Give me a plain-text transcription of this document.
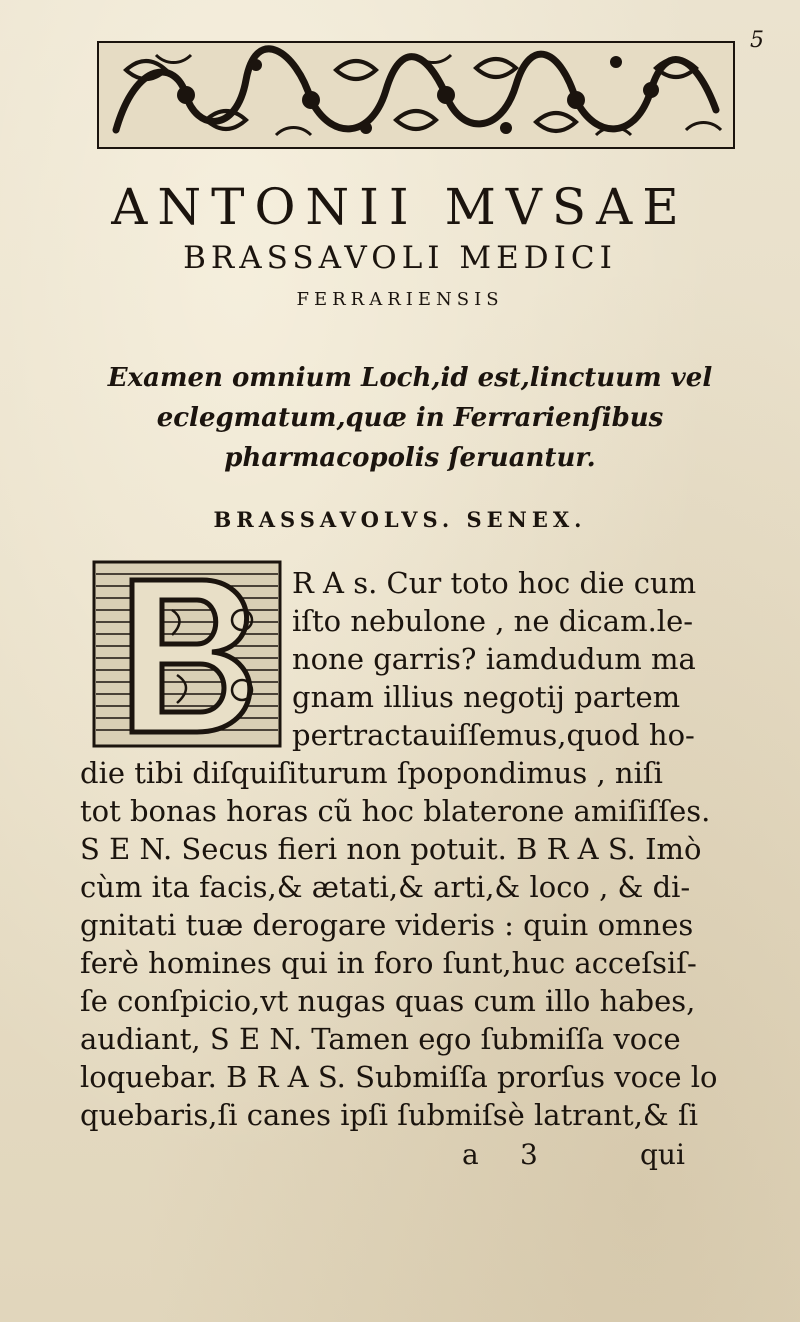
5
ANTONII MVSAE
BRASSAVOLI MEDICI
FERRARIENSIS
Examen omnium Loch,id est,linctuum vel
eclegmatum,quæ in Ferrarienſibus
pharmacopolis ſeruantur.
BRASSAVOLVS. SENEX.
R A s. Cur toto hoc die cum
iſto nebulone , ne dicam.le-
none garris? iamdudum ma
gnam illius negotij partem
pertractauiſſemus,quod ho-
die tibi diſquiſiturum ſpopondimus , niſi
tot bonas horas cũ hoc blaterone amiſiſſes.
S E N. Secus fieri non potuit. B R A S. Imò
cùm ita facis,& ætati,& arti,& loco , & di-
gnitati tuæ derogare videris : quin omnes
ferè homines qui in foro ſunt,huc acceſsiſ-
ſe conſpicio,vt nugas quas cum illo habes,
audiant, S E N. Tamen ego ſubmiſſa voce
loquebar. B R A S. Submiſſa prorſus voce lo
quebaris,ſi canes ipſi ſubmiſsè latrant,& ſi
a 3	qui
